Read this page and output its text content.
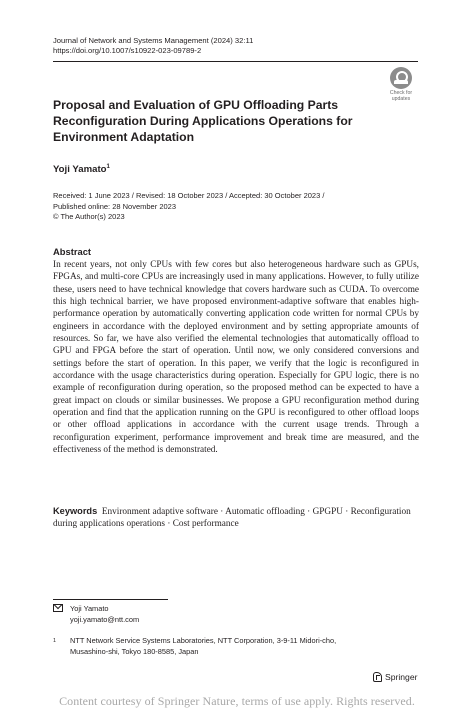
Journal of Network and Systems Management (2024) 32:11
https://doi.org/10.1007/s10922-023-09789-2
Check for
updates
Proposal and Evaluation of GPU Offloading Parts Reconfiguration During Applications Operations for Environment Adaptation
Yoji Yamato$^1$
Received: 1 June 2023 / Revised: 18 October 2023 / Accepted: 30 October 2023 /
Published online: 28 November 2023
© The Author(s) 2023
Abstract

In recent years, not only CPUs with few cores but also heterogeneous hardware such as GPUs, FPGAs, and multi-core CPUs are increasingly used in many applications. However, to fully utilize these, users need to have technical knowledge that covers hardware such as CUDA. To overcome this high technical barrier, we have proposed environment-adaptive software that enables high-performance operation by automatically converting application code written for normal CPUs by engineers in accordance with the deployed environment and by setting appropriate amounts of resources. So far, we have also verified the elemental technologies that automatically offload to GPU and FPGA before the start of operation. Until now, we only considered conversions and settings before the start of operation. In this paper, we verify that the logic is reconfigured in accordance with the usage characteristics during operation. Especially for GPU logic, there is no example of reconfiguration during operation, so the proposed method can be expected to have a great impact on clouds or similar businesses. We propose a GPU reconfiguration method during operation and find that the application running on the GPU is reconfigured to other offload loops or other offload applications in accordance with the current usage trends. Through a reconfiguration experiment, performance improvement and break time are measured, and the effectiveness of the method is demonstrated.

Keywords Environment adaptive software · Automatic offloading · GPGPU · Reconfiguration during applications operations · Cost performance

Yoji Yamato
yoji.yamato@ntt.com
1 NTT Network Service Systems Laboratories, NTT Corporation, 3-9-11 Midori-cho,
Musashino-shi, Tokyo 180-8585, Japan
Springer
Content courtesy of Springer Nature, terms of use apply. Rights reserved.
